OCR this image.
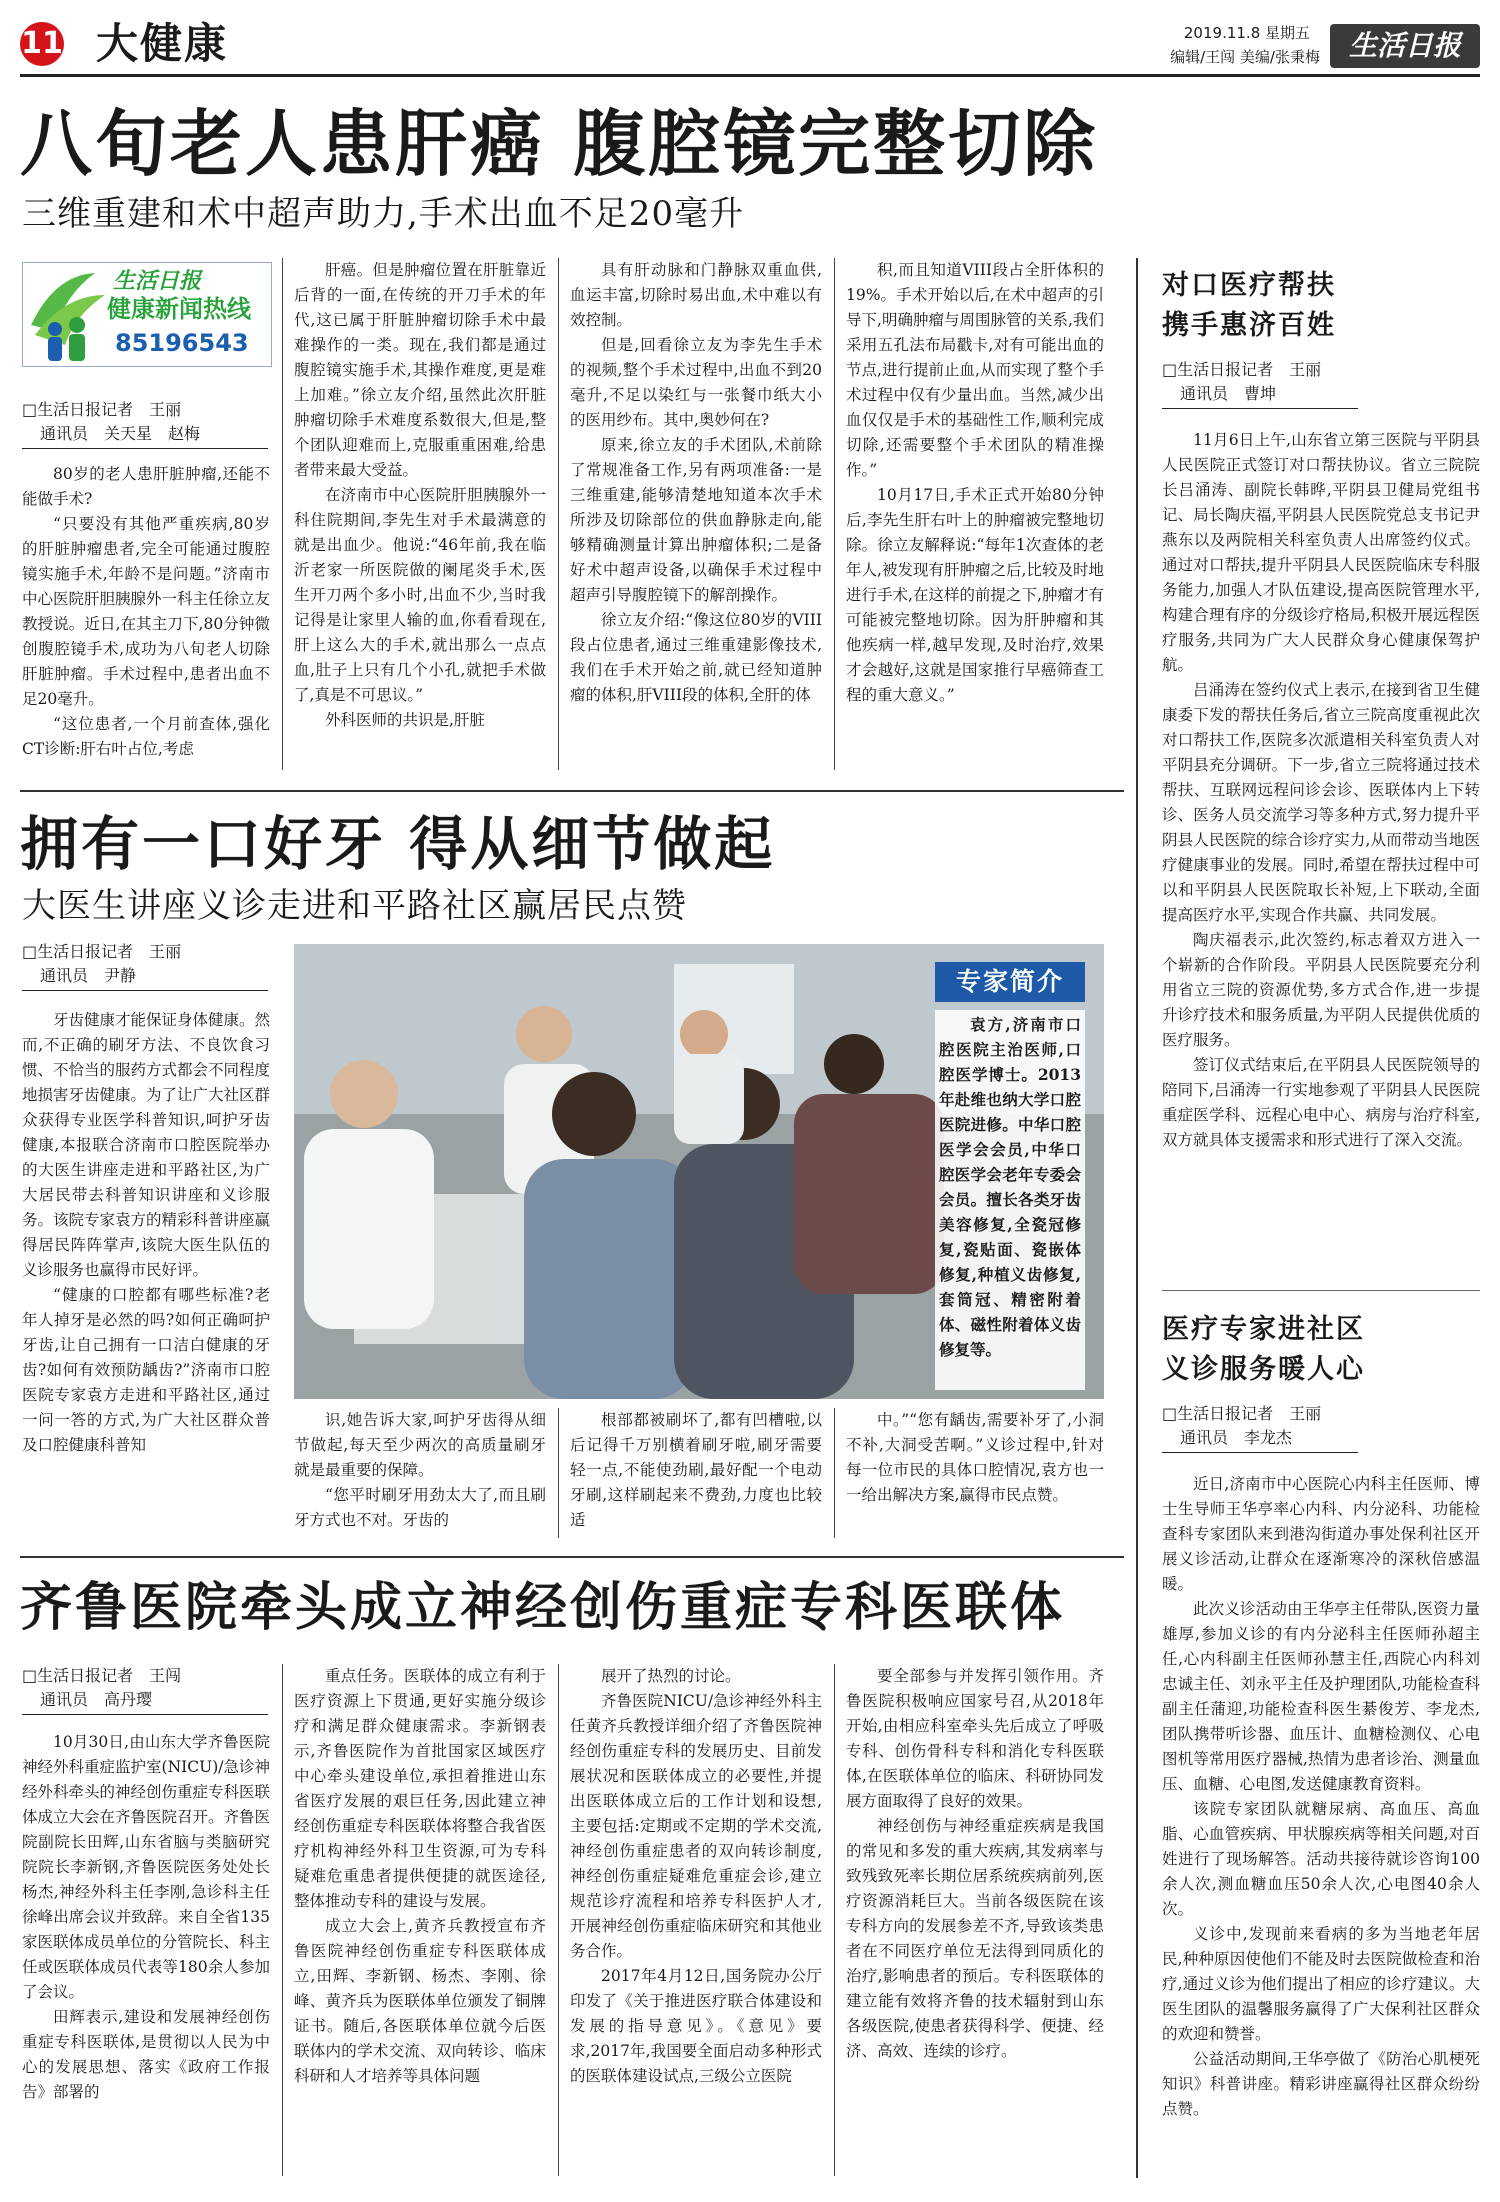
11 大健康	2019.11.8 星期五
编辑/王闯 美编/张秉梅	生活日报
八旬老人患肝癌 腹腔镜完整切除
三维重建和术中超声助力,手术出血不足20毫升
生活日报
健康新闻热线
85196543
□生活日报记者　王丽
通讯员　关天星　赵梅

80岁的老人患肝脏肿瘤,还能不能做手术?

“只要没有其他严重疾病,80岁的肝脏肿瘤患者,完全可能通过腹腔镜实施手术,年龄不是问题。”济南市中心医院肝胆胰腺外一科主任徐立友教授说。近日,在其主刀下,80分钟微创腹腔镜手术,成功为八旬老人切除肝脏肿瘤。手术过程中,患者出血不足20毫升。

“这位患者,一个月前查体,强化CT诊断:肝右叶占位,考虑

肝癌。但是肿瘤位置在肝脏靠近后背的一面,在传统的开刀手术的年代,这已属于肝脏肿瘤切除手术中最难操作的一类。现在,我们都是通过腹腔镜实施手术,其操作难度,更是难上加难。”徐立友介绍,虽然此次肝脏肿瘤切除手术难度系数很大,但是,整个团队迎难而上,克服重重困难,给患者带来最大受益。

在济南市中心医院肝胆胰腺外一科住院期间,李先生对手术最满意的就是出血少。他说:“46年前,我在临沂老家一所医院做的阑尾炎手术,医生开刀两个多小时,出血不少,当时我记得是让家里人输的血,你看看现在,肝上这么大的手术,就出那么一点点血,肚子上只有几个小孔,就把手术做了,真是不可思议。”

外科医师的共识是,肝脏

具有肝动脉和门静脉双重血供,血运丰富,切除时易出血,术中难以有效控制。

但是,回看徐立友为李先生手术的视频,整个手术过程中,出血不到20毫升,不足以染红与一张餐巾纸大小的医用纱布。其中,奥妙何在?

原来,徐立友的手术团队,术前除了常规准备工作,另有两项准备:一是三维重建,能够清楚地知道本次手术所涉及切除部位的供血静脉走向,能够精确测量计算出肿瘤体积;二是备好术中超声设备,以确保手术过程中超声引导腹腔镜下的解剖操作。

徐立友介绍:“像这位80岁的VIII段占位患者,通过三维重建影像技术,我们在手术开始之前,就已经知道肿瘤的体积,肝VIII段的体积,全肝的体

积,而且知道VIII段占全肝体积的19%。手术开始以后,在术中超声的引导下,明确肿瘤与周围脉管的关系,我们采用五孔法布局戳卡,对有可能出血的节点,进行提前止血,从而实现了整个手术过程中仅有少量出血。当然,减少出血仅仅是手术的基础性工作,顺利完成切除,还需要整个手术团队的精准操作。”

10月17日,手术正式开始80分钟后,李先生肝右叶上的肿瘤被完整地切除。徐立友解释说:“每年1次查体的老年人,被发现有肝肿瘤之后,比较及时地进行手术,在这样的前提之下,肿瘤才有可能被完整地切除。因为肝肿瘤和其他疾病一样,越早发现,及时治疗,效果才会越好,这就是国家推行早癌筛查工程的重大意义。”

对口医疗帮扶
携手惠济百姓
□生活日报记者　王丽
通讯员　曹坤

11月6日上午,山东省立第三医院与平阴县人民医院正式签订对口帮扶协议。省立三院院长吕涌涛、副院长韩晔,平阴县卫健局党组书记、局长陶庆福,平阴县人民医院党总支书记尹燕东以及两院相关科室负责人出席签约仪式。通过对口帮扶,提升平阴县人民医院临床专科服务能力,加强人才队伍建设,提高医院管理水平,构建合理有序的分级诊疗格局,积极开展远程医疗服务,共同为广大人民群众身心健康保驾护航。

吕涌涛在签约仪式上表示,在接到省卫生健康委下发的帮扶任务后,省立三院高度重视此次对口帮扶工作,医院多次派遣相关科室负责人对平阴县充分调研。下一步,省立三院将通过技术帮扶、互联网远程问诊会诊、医联体内上下转诊、医务人员交流学习等多种方式,努力提升平阴县人民医院的综合诊疗实力,从而带动当地医疗健康事业的发展。同时,希望在帮扶过程中可以和平阴县人民医院取长补短,上下联动,全面提高医疗水平,实现合作共赢、共同发展。

陶庆福表示,此次签约,标志着双方进入一个崭新的合作阶段。平阴县人民医院要充分利用省立三院的资源优势,多方式合作,进一步提升诊疗技术和服务质量,为平阴人民提供优质的医疗服务。

签订仪式结束后,在平阴县人民医院领导的陪同下,吕涌涛一行实地参观了平阴县人民医院重症医学科、远程心电中心、病房与治疗科室,双方就具体支援需求和形式进行了深入交流。

拥有一口好牙 得从细节做起
大医生讲座义诊走进和平路社区赢居民点赞
□生活日报记者　王丽
通讯员　尹静

牙齿健康才能保证身体健康。然而,不正确的刷牙方法、不良饮食习惯、不恰当的服药方式都会不同程度地损害牙齿健康。为了让广大社区群众获得专业医学科普知识,呵护牙齿健康,本报联合济南市口腔医院举办的大医生讲座走进和平路社区,为广大居民带去科普知识讲座和义诊服务。该院专家袁方的精彩科普讲座赢得居民阵阵掌声,该院大医生队伍的义诊服务也赢得市民好评。

“健康的口腔都有哪些标准?老年人掉牙是必然的吗?如何正确呵护牙齿,让自己拥有一口洁白健康的牙齿?如何有效预防龋齿?”济南市口腔医院专家袁方走进和平路社区,通过一问一答的方式,为广大社区群众普及口腔健康科普知

专家简介

袁方,济南市口腔医院主治医师,口腔医学博士。2013年赴维也纳大学口腔医院进修。中华口腔医学会会员,中华口腔医学会老年专委会会员。擅长各类牙齿美容修复,全瓷冠修复,瓷贴面、瓷嵌体修复,种植义齿修复,套筒冠、精密附着体、磁性附着体义齿修复等。

识,她告诉大家,呵护牙齿得从细节做起,每天至少两次的高质量刷牙就是最重要的保障。

“您平时刷牙用劲太大了,而且刷牙方式也不对。牙齿的

根部都被刷坏了,都有凹槽啦,以后记得千万别横着刷牙啦,刷牙需要轻一点,不能使劲刷,最好配一个电动牙刷,这样刷起来不费劲,力度也比较适

中。”“您有龋齿,需要补牙了,小洞不补,大洞受苦啊。”义诊过程中,针对每一位市民的具体口腔情况,袁方也一一给出解决方案,赢得市民点赞。

医疗专家进社区
义诊服务暖人心
□生活日报记者　王丽
通讯员　李龙杰

近日,济南市中心医院心内科主任医师、博士生导师王华亭率心内科、内分泌科、功能检查科专家团队来到港沟街道办事处保利社区开展义诊活动,让群众在逐渐寒冷的深秋倍感温暖。

此次义诊活动由王华亭主任带队,医资力量雄厚,参加义诊的有内分泌科主任医师孙超主任,心内科副主任医师孙慧主任,西院心内科刘忠诚主任、刘永平主任及护理团队,功能检查科副主任蒲迎,功能检查科医生綦俊芳、李龙杰,团队携带听诊器、血压计、血糖检测仪、心电图机等常用医疗器械,热情为患者诊治、测量血压、血糖、心电图,发送健康教育资料。

该院专家团队就糖尿病、高血压、高血脂、心血管疾病、甲状腺疾病等相关问题,对百姓进行了现场解答。活动共接待就诊咨询100余人次,测血糖血压50余人次,心电图40余人次。

义诊中,发现前来看病的多为当地老年居民,种种原因使他们不能及时去医院做检查和治疗,通过义诊为他们提出了相应的诊疗建议。大医生团队的温馨服务赢得了广大保利社区群众的欢迎和赞誉。

公益活动期间,王华亭做了《防治心肌梗死知识》科普讲座。精彩讲座赢得社区群众纷纷点赞。

齐鲁医院牵头成立神经创伤重症专科医联体
□生活日报记者　王闯
通讯员　高丹璎

10月30日,由山东大学齐鲁医院神经外科重症监护室(NICU)/急诊神经外科牵头的神经创伤重症专科医联体成立大会在齐鲁医院召开。齐鲁医院副院长田辉,山东省脑与类脑研究院院长李新钢,齐鲁医院医务处处长杨杰,神经外科主任李刚,急诊科主任徐峰出席会议并致辞。来自全省135家医联体成员单位的分管院长、科主任或医联体成员代表等180余人参加了会议。

田辉表示,建设和发展神经创伤重症专科医联体,是贯彻以人民为中心的发展思想、落实《政府工作报告》部署的

重点任务。医联体的成立有利于医疗资源上下贯通,更好实施分级诊疗和满足群众健康需求。李新钢表示,齐鲁医院作为首批国家区域医疗中心牵头建设单位,承担着推进山东省医疗发展的艰巨任务,因此建立神经创伤重症专科医联体将整合我省医疗机构神经外科卫生资源,可为专科疑难危重患者提供便捷的就医途径,整体推动专科的建设与发展。

成立大会上,黄齐兵教授宣布齐鲁医院神经创伤重症专科医联体成立,田辉、李新钢、杨杰、李刚、徐峰、黄齐兵为医联体单位颁发了铜牌证书。随后,各医联体单位就今后医联体内的学术交流、双向转诊、临床科研和人才培养等具体问题

展开了热烈的讨论。

齐鲁医院NICU/急诊神经外科主任黄齐兵教授详细介绍了齐鲁医院神经创伤重症专科的发展历史、目前发展状况和医联体成立的必要性,并提出医联体成立后的工作计划和设想,主要包括:定期或不定期的学术交流,神经创伤重症患者的双向转诊制度,神经创伤重症疑难危重症会诊,建立规范诊疗流程和培养专科医护人才,开展神经创伤重症临床研究和其他业务合作。

2017年4月12日,国务院办公厅印发了《关于推进医疗联合体建设和发展的指导意见》。《意见》要求,2017年,我国要全面启动多种形式的医联体建设试点,三级公立医院

要全部参与并发挥引领作用。齐鲁医院积极响应国家号召,从2018年开始,由相应科室牵头先后成立了呼吸专科、创伤骨科专科和消化专科医联体,在医联体单位的临床、科研协同发展方面取得了良好的效果。

神经创伤与神经重症疾病是我国的常见和多发的重大疾病,其发病率与致残致死率长期位居系统疾病前列,医疗资源消耗巨大。当前各级医院在该专科方向的发展参差不齐,导致该类患者在不同医疗单位无法得到同质化的治疗,影响患者的预后。专科医联体的建立能有效将齐鲁的技术辐射到山东各级医院,使患者获得科学、便捷、经济、高效、连续的诊疗。
